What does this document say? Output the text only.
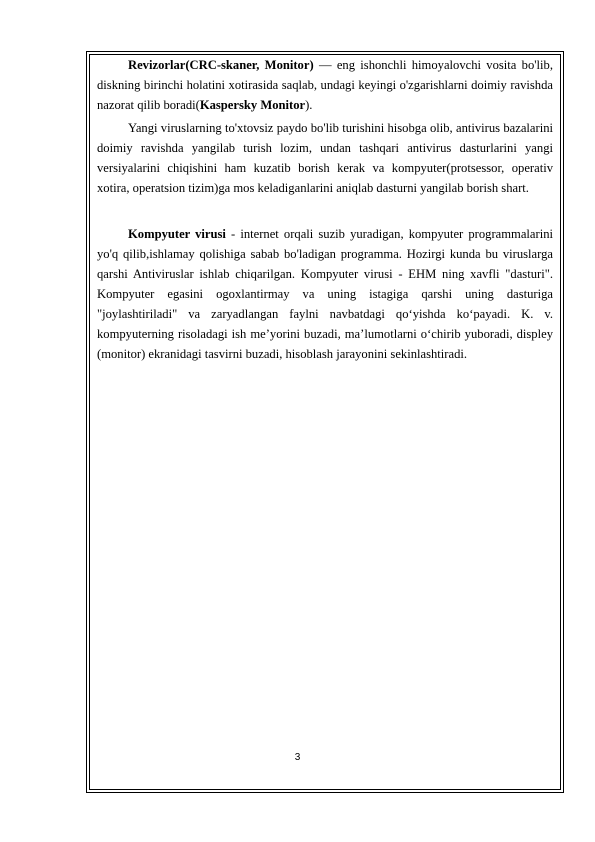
Revizorlar(CRC-skaner, Monitor) — eng ishonchli himoyalovchi vosita bo'lib, diskning birinchi holatini xotirasida saqlab, undagi keyingi o'zgarishlarni doimiy ravishda nazorat qilib boradi(Kaspersky Monitor).

Yangi viruslarning to'xtovsiz paydo bo'lib turishini hisobga olib, antivirus bazalarini doimiy ravishda yangilab turish lozim, undan tashqari antivirus dasturlarini yangi versiyalarini chiqishini ham kuzatib borish kerak va kompyuter(protsessor, operativ xotira, operatsion tizim)ga mos keladiganlarini aniqlab dasturni yangilab borish shart.

Kompyuter virusi - internet orqali suzib yuradigan, kompyuter programmalarini yo'q qilib,ishlamay qolishiga sabab bo'ladigan programma. Hozirgi kunda bu viruslarga qarshi Antiviruslar ishlab chiqarilgan. Kompyuter virusi - EHM ning xavfli "dasturi". Kompyuter egasini ogoxlantirmay va uning istagiga qarshi uning dasturiga "joylashtiriladi" va zaryadlangan faylni navbatdagi qoʻyishda koʻpayadi. K. v. kompyuterning risoladagi ish meʼyorini buzadi, maʼlumotlarni oʻchirib yuboradi, displey (monitor) ekranidagi tasvirni buzadi, hisoblash jarayonini sekinlashtiradi.

3
